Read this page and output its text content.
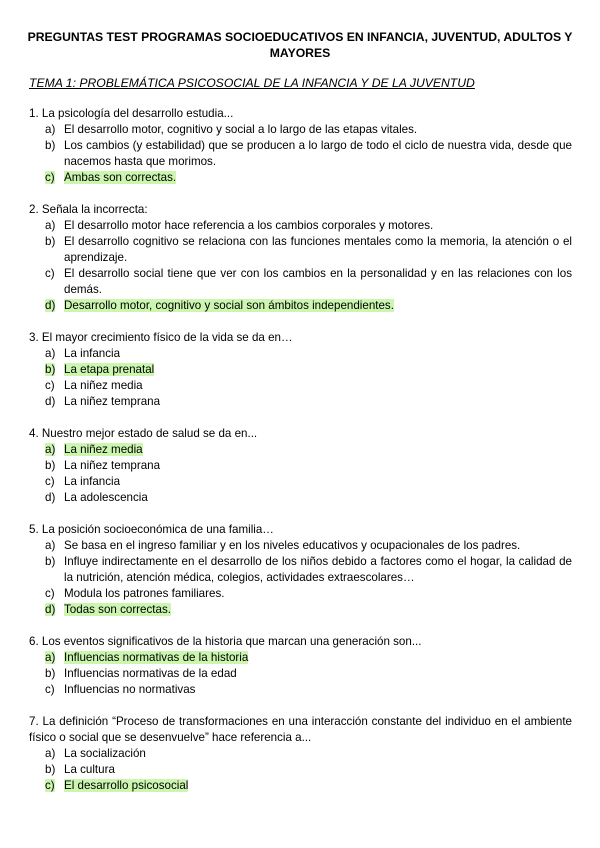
PREGUNTAS TEST PROGRAMAS SOCIOEDUCATIVOS EN INFANCIA, JUVENTUD, ADULTOS Y MAYORES
TEMA 1: PROBLEMÁTICA PSICOSOCIAL DE LA INFANCIA Y DE LA JUVENTUD
1. La psicología del desarrollo estudia...
a) El desarrollo motor, cognitivo y social a lo largo de las etapas vitales.
b) Los cambios (y estabilidad) que se producen a lo largo de todo el ciclo de nuestra vida, desde que nacemos hasta que morimos.
c) Ambas son correctas.
2. Señala la incorrecta:
a) El desarrollo motor hace referencia a los cambios corporales y motores.
b) El desarrollo cognitivo se relaciona con las funciones mentales como la memoria, la atención o el aprendizaje.
c) El desarrollo social tiene que ver con los cambios en la personalidad y en las relaciones con los demás.
d) Desarrollo motor, cognitivo y social son ámbitos independientes.
3. El mayor crecimiento físico de la vida se da en…
a) La infancia
b) La etapa prenatal
c) La niñez media
d) La niñez temprana
4. Nuestro mejor estado de salud se da en...
a) La niñez media
b) La niñez temprana
c) La infancia
d) La adolescencia
5. La posición socioeconómica de una familia…
a) Se basa en el ingreso familiar y en los niveles educativos y ocupacionales de los padres.
b) Influye indirectamente en el desarrollo de los niños debido a factores como el hogar, la calidad de la nutrición, atención médica, colegios, actividades extraescolares…
c) Modula los patrones familiares.
d) Todas son correctas.
6. Los eventos significativos de la historia que marcan una generación son...
a) Influencias normativas de la historia
b) Influencias normativas de la edad
c) Influencias no normativas
7. La definición “Proceso de transformaciones en una interacción constante del individuo en el ambiente físico o social que se desenvuelve” hace referencia a...
a) La socialización
b) La cultura
c) El desarrollo psicosocial
